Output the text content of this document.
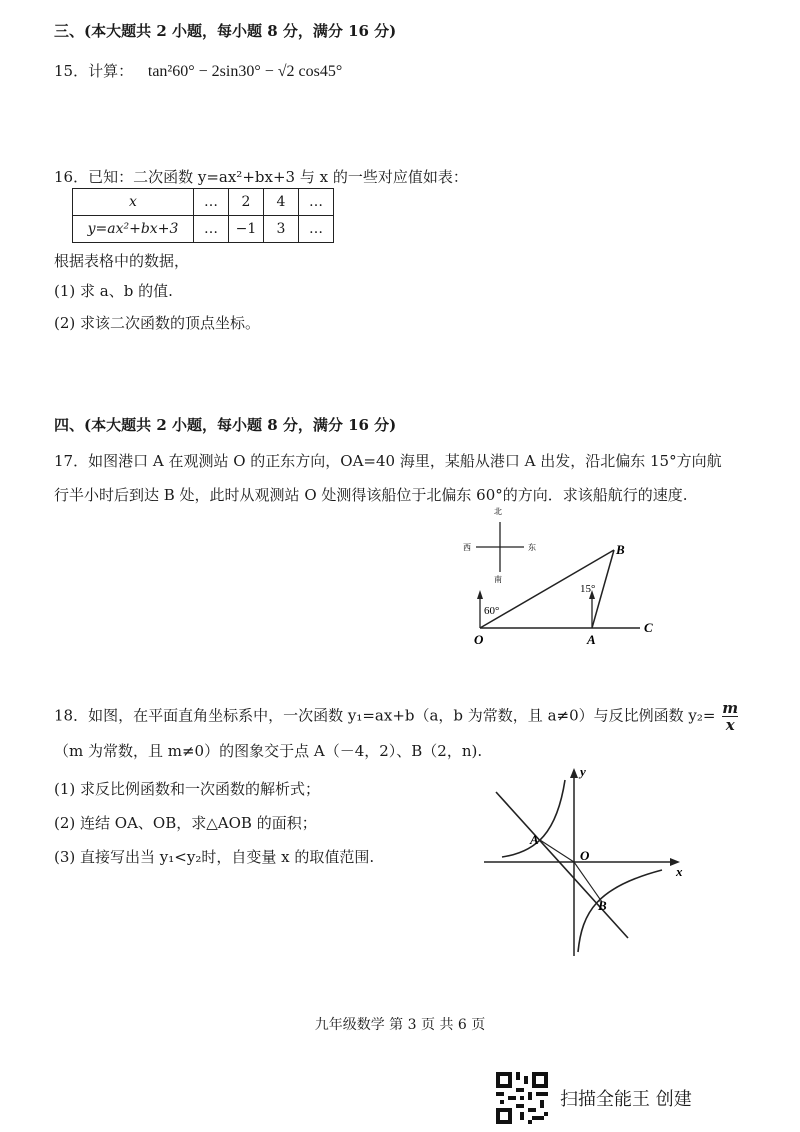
三、(本大题共 2 小题，每小题 8 分，满分 16 分)
15．计算： tan²60° − 2sin30° − √2 cos45°
16．已知：二次函数 y=ax²+bx+3 与 x 的一些对应值如表：
x	…	2	4	…
y=ax²+bx+3	…	−1	3	…
根据表格中的数据，
(1) 求 a、b 的值.
(2) 求该二次函数的顶点坐标。
四、(本大题共 2 小题，每小题 8 分，满分 16 分)
17．如图港口 A 在观测站 O 的正东方向，OA=40 海里，某船从港口 A 出发，沿北偏东 15°方向航
行半小时后到达 B 处，此时从观测站 O 处测得该船位于北偏东 60°的方向．求该船航行的速度.
北
南
东
西
60°
15°
O	A
B
C
18．如图，在平面直角坐标系中，一次函数 y₁=ax+b（a，b 为常数，且 a≠0）与反比例函数 $y_2= \frac{m}{x}$
（m 为常数，且 m≠0）的图象交于点 A（－4，2）、B（2，n).
(1) 求反比例函数和一次函数的解析式；
(2) 连结 OA、OB，求△AOB 的面积；
(3) 直接写出当 y₁<y₂时，自变量 x 的取值范围.
y
x
O
A
B
九年级数学 第 3 页 共 6 页
扫描全能王 创建
